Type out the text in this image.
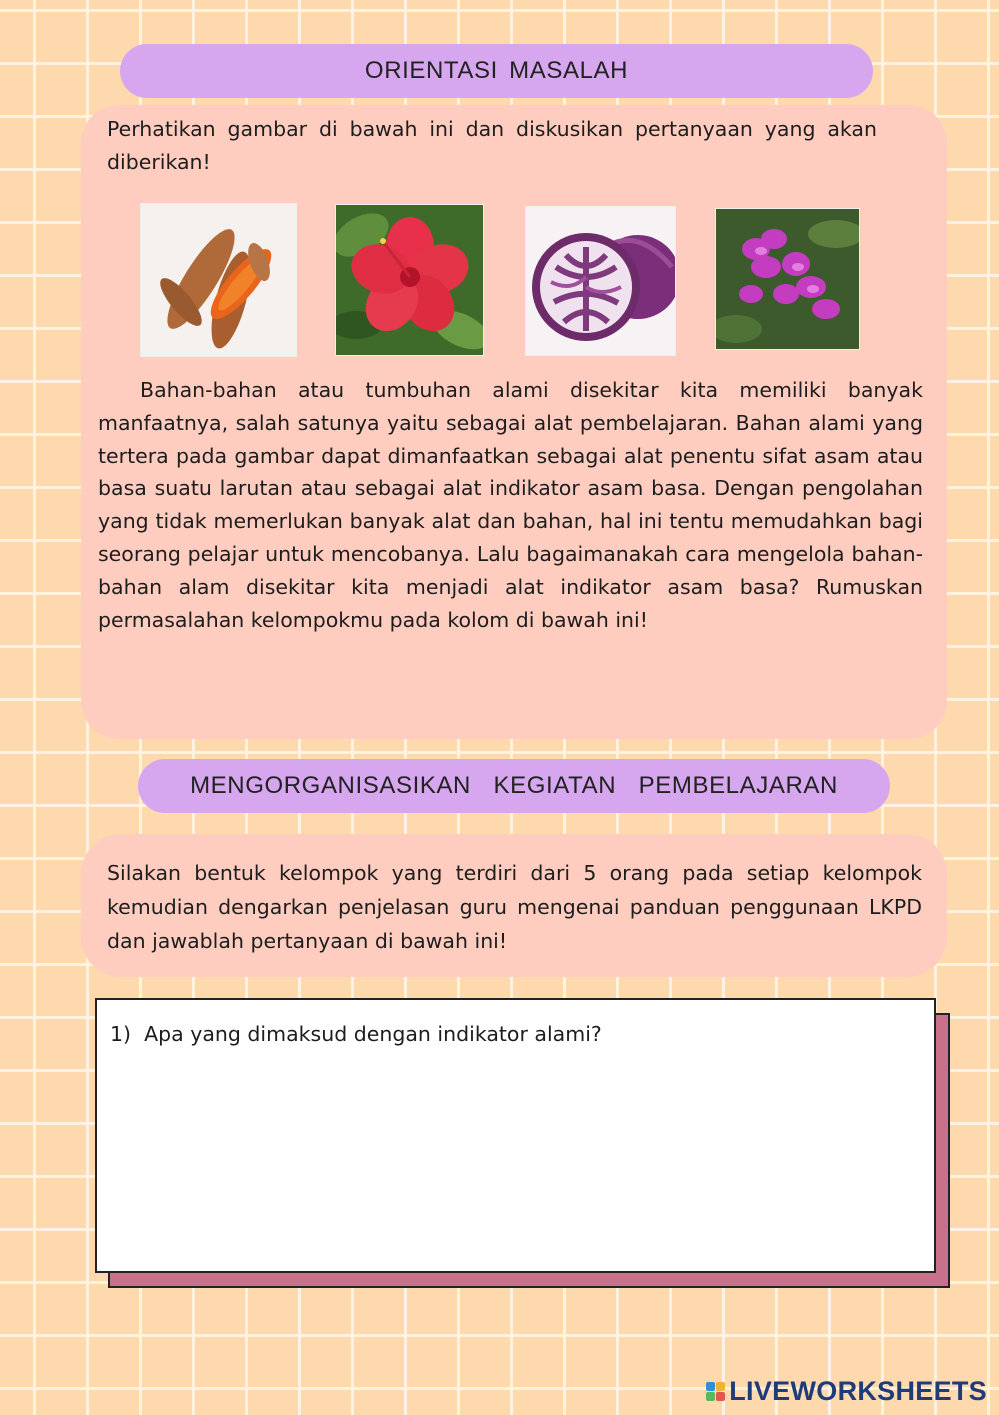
ORIENTASI MASALAH
Perhatikan gambar di bawah ini dan diskusikan pertanyaan yang akan diberikan!
Bahan-bahan atau tumbuhan alami disekitar kita memiliki banyak manfaatnya, salah satunya yaitu sebagai alat pembelajaran. Bahan alami yang tertera pada gambar dapat dimanfaatkan sebagai alat penentu sifat asam atau basa suatu larutan atau sebagai alat indikator asam basa. Dengan pengolahan yang tidak memerlukan banyak alat dan bahan, hal ini tentu memudahkan bagi seorang pelajar untuk mencobanya. Lalu bagaimanakah cara mengelola bahan-bahan alam disekitar kita menjadi alat indikator asam basa? Rumuskan permasalahan kelompokmu pada kolom di bawah ini!
MENGORGANISASIKAN  KEGIATAN  PEMBELAJARAN
Silakan bentuk kelompok yang terdiri dari 5 orang pada setiap kelompok kemudian dengarkan penjelasan guru mengenai panduan penggunaan LKPD dan jawablah pertanyaan di bawah ini!
1)  Apa yang dimaksud dengan indikator alami?
LIVEWORKSHEETS
